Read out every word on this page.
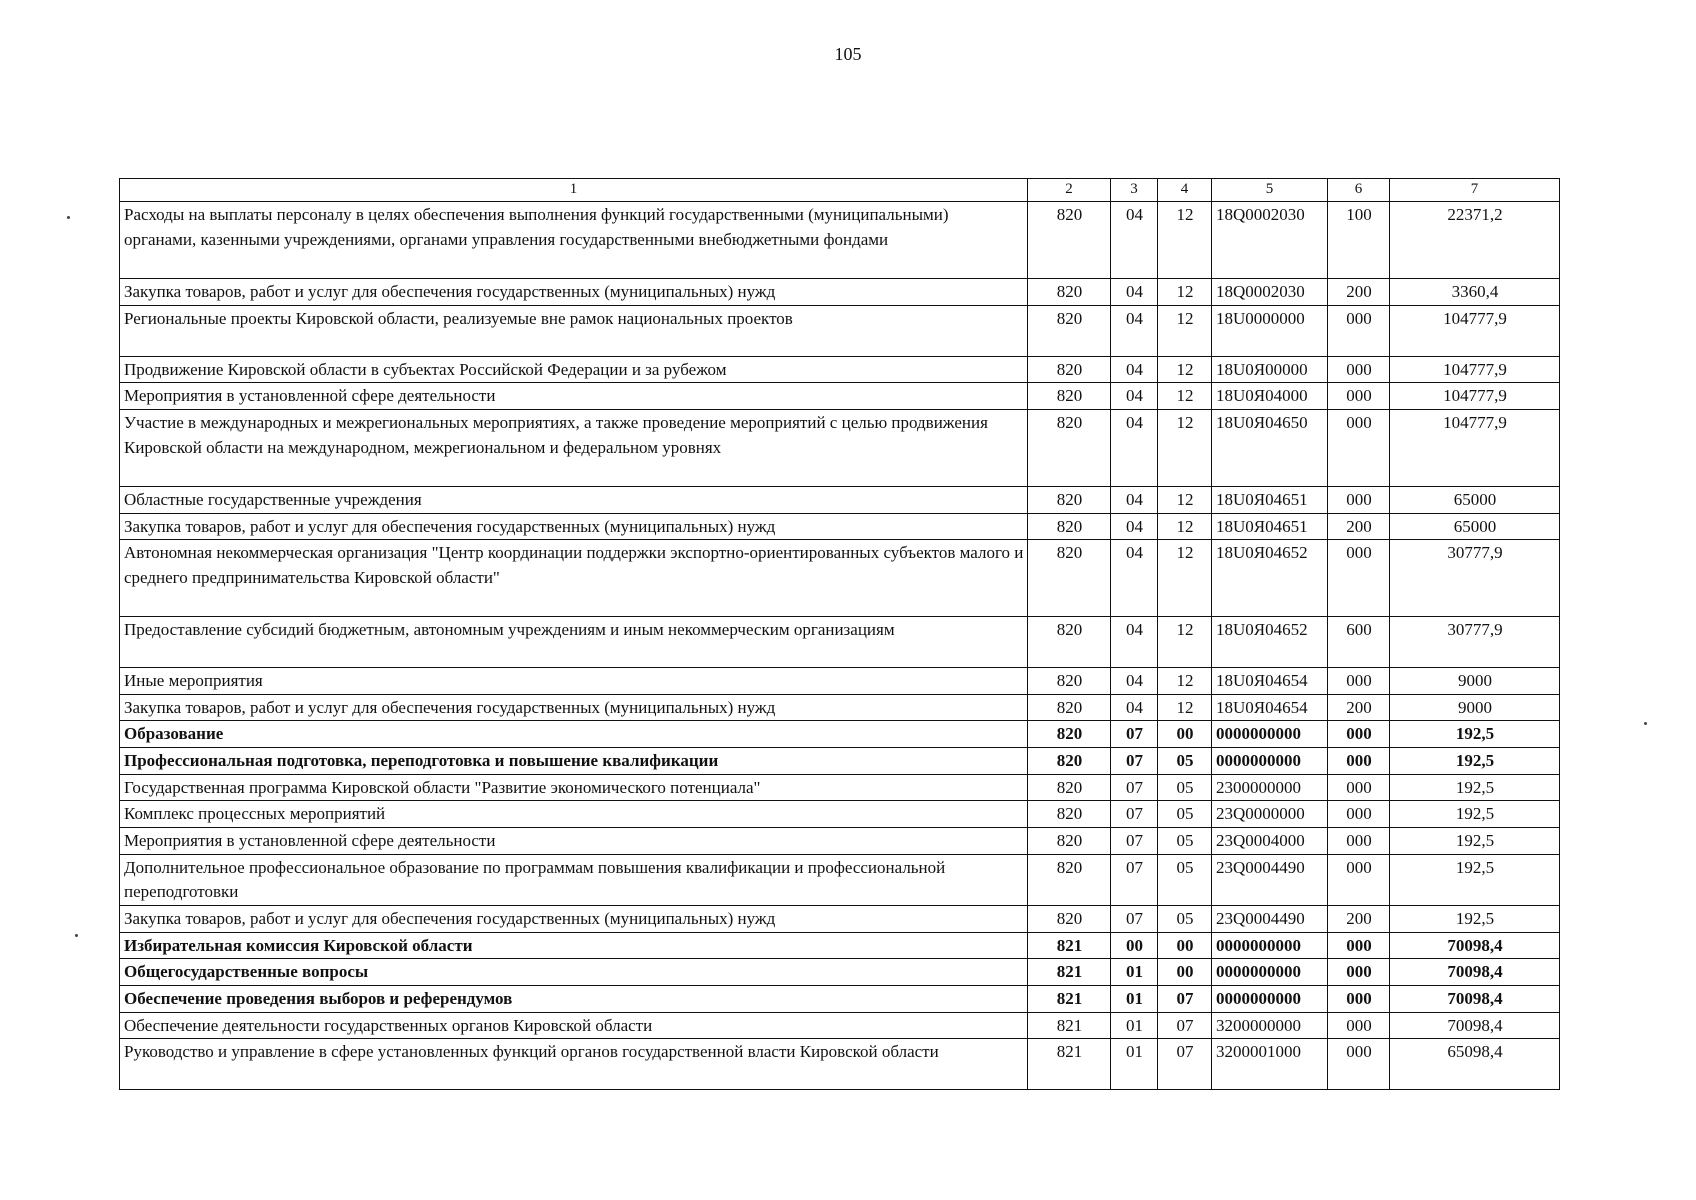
105
1	2	3	4	5	6	7
Расходы на выплаты персоналу в целях обеспечения выполнения функций государственными (муниципальными) органами, казенными учреждениями, органами управления государственными внебюджетными фондами	820	04	12	18Q0002030	100	22371,2
Закупка товаров, работ и услуг для обеспечения государственных (муниципальных) нужд	820	04	12	18Q0002030	200	3360,4
Региональные проекты Кировской области, реализуемые вне рамок национальных проектов	820	04	12	18U0000000	000	104777,9
Продвижение Кировской области в субъектах Российской Федерации и за рубежом	820	04	12	18U0Я00000	000	104777,9
Мероприятия в установленной сфере деятельности	820	04	12	18U0Я04000	000	104777,9
Участие в международных и межрегиональных мероприятиях, а также проведение мероприятий с целью продвижения Кировской области на международном, межрегиональном и федеральном уровнях	820	04	12	18U0Я04650	000	104777,9
Областные государственные учреждения	820	04	12	18U0Я04651	000	65000
Закупка товаров, работ и услуг для обеспечения государственных (муниципальных) нужд	820	04	12	18U0Я04651	200	65000
Автономная некоммерческая организация "Центр координации поддержки экспортно-ориентированных субъектов малого и среднего предпринимательства Кировской области"	820	04	12	18U0Я04652	000	30777,9
Предоставление субсидий бюджетным, автономным учреждениям и иным некоммерческим организациям	820	04	12	18U0Я04652	600	30777,9
Иные мероприятия	820	04	12	18U0Я04654	000	9000
Закупка товаров, работ и услуг для обеспечения государственных (муниципальных) нужд	820	04	12	18U0Я04654	200	9000
Образование	820	07	00	0000000000	000	192,5
Профессиональная подготовка, переподготовка и повышение квалификации	820	07	05	0000000000	000	192,5
Государственная программа Кировской области "Развитие экономического потенциала"	820	07	05	2300000000	000	192,5
Комплекс процессных мероприятий	820	07	05	23Q0000000	000	192,5
Мероприятия в установленной сфере деятельности	820	07	05	23Q0004000	000	192,5
Дополнительное профессиональное образование по программам повышения квалификации и профессиональной переподготовки	820	07	05	23Q0004490	000	192,5
Закупка товаров, работ и услуг для обеспечения государственных (муниципальных) нужд	820	07	05	23Q0004490	200	192,5
Избирательная комиссия Кировской области	821	00	00	0000000000	000	70098,4
Общегосударственные вопросы	821	01	00	0000000000	000	70098,4
Обеспечение проведения выборов и референдумов	821	01	07	0000000000	000	70098,4
Обеспечение деятельности государственных органов Кировской области	821	01	07	3200000000	000	70098,4
Руководство и управление в сфере установленных функций органов государственной власти Кировской области	821	01	07	3200001000	000	65098,4
